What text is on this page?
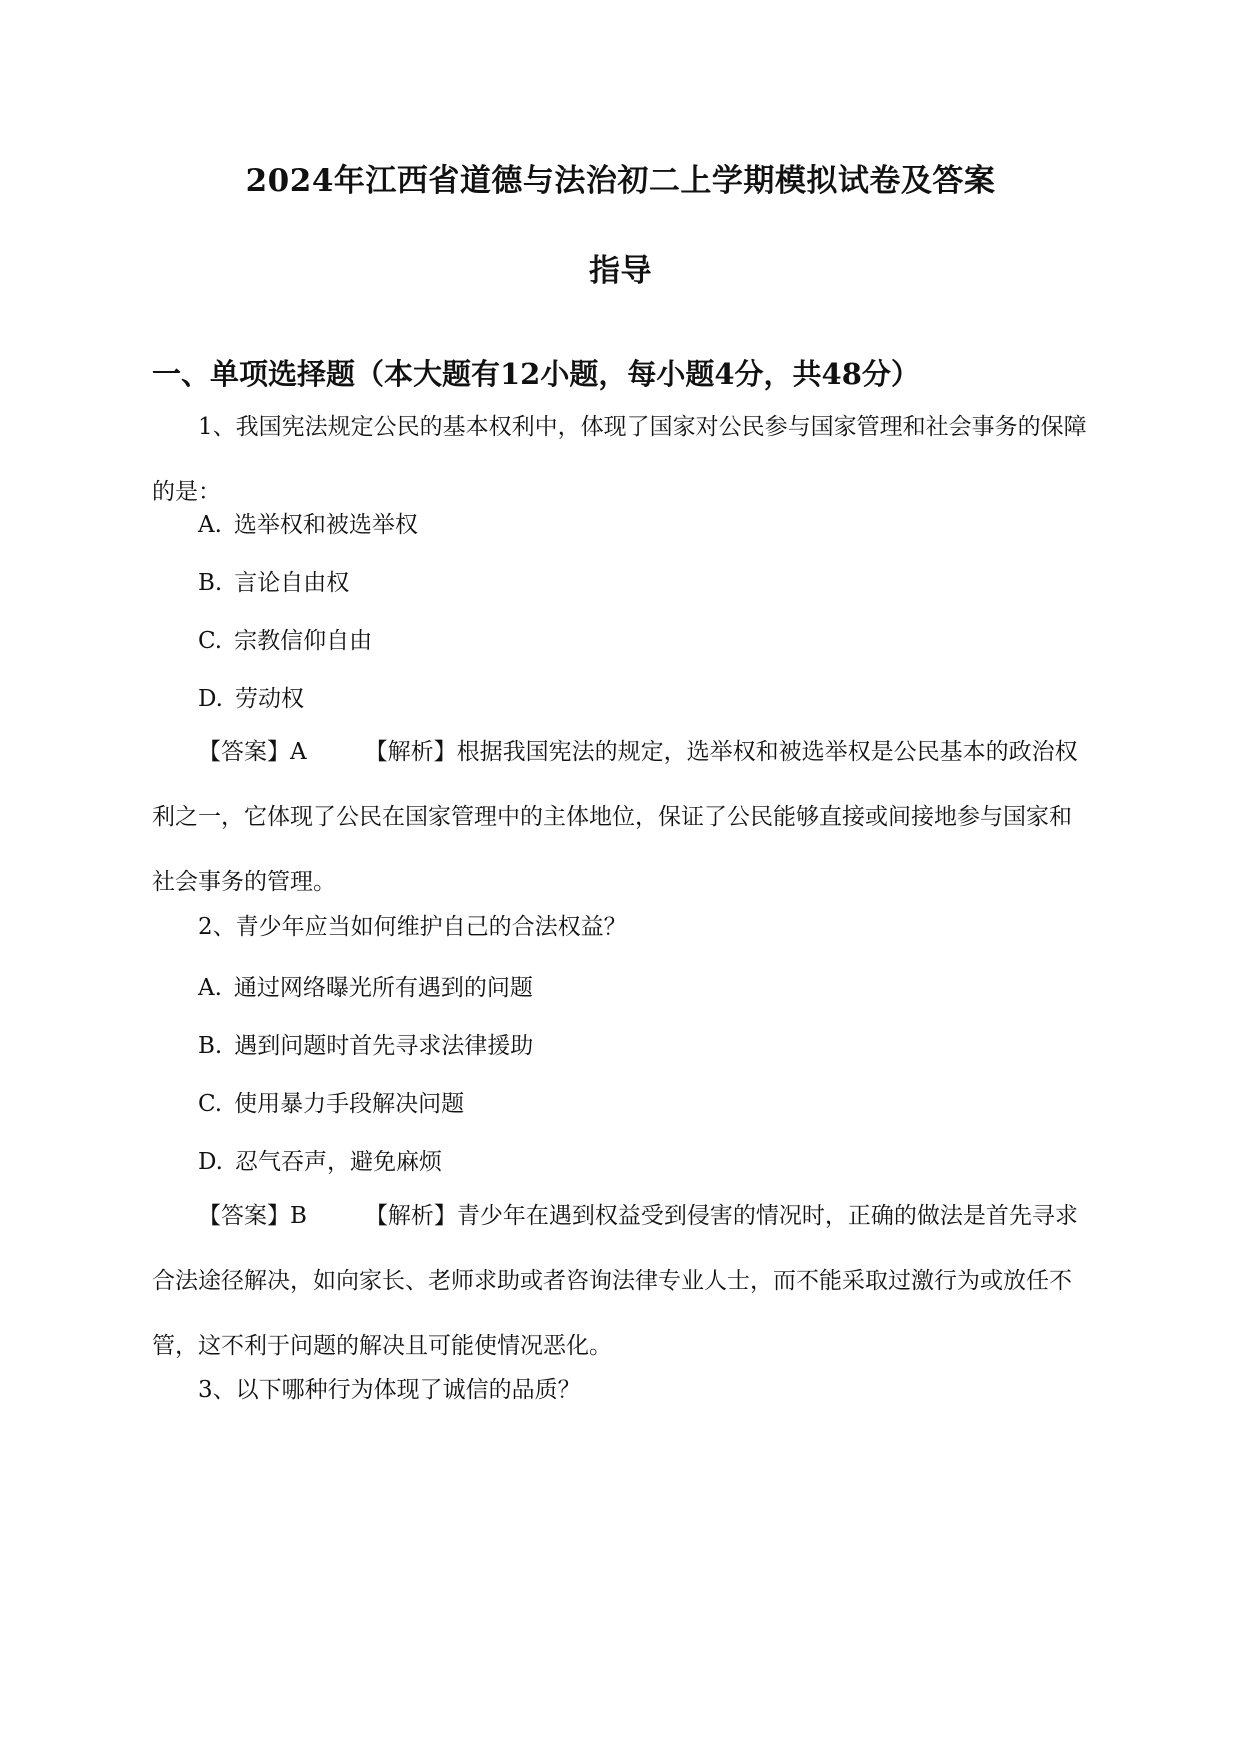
2024年江西省道德与法治初二上学期模拟试卷及答案
指导
一、单项选择题（本大题有12小题，每小题4分，共48分）
1、我国宪法规定公民的基本权利中，体现了国家对公民参与国家管理和社会事务的保障的是：
A. 选举权和被选举权
B. 言论自由权
C. 宗教信仰自由
D. 劳动权
【答案】A	【解析】根据我国宪法的规定，选举权和被选举权是公民基本的政治权利之一，它体现了公民在国家管理中的主体地位，保证了公民能够直接或间接地参与国家和社会事务的管理。
2、青少年应当如何维护自己的合法权益？
A. 通过网络曝光所有遇到的问题
B. 遇到问题时首先寻求法律援助
C. 使用暴力手段解决问题
D. 忍气吞声，避免麻烦
【答案】B	【解析】青少年在遇到权益受到侵害的情况时，正确的做法是首先寻求合法途径解决，如向家长、老师求助或者咨询法律专业人士，而不能采取过激行为或放任不管，这不利于问题的解决且可能使情况恶化。
3、以下哪种行为体现了诚信的品质？
